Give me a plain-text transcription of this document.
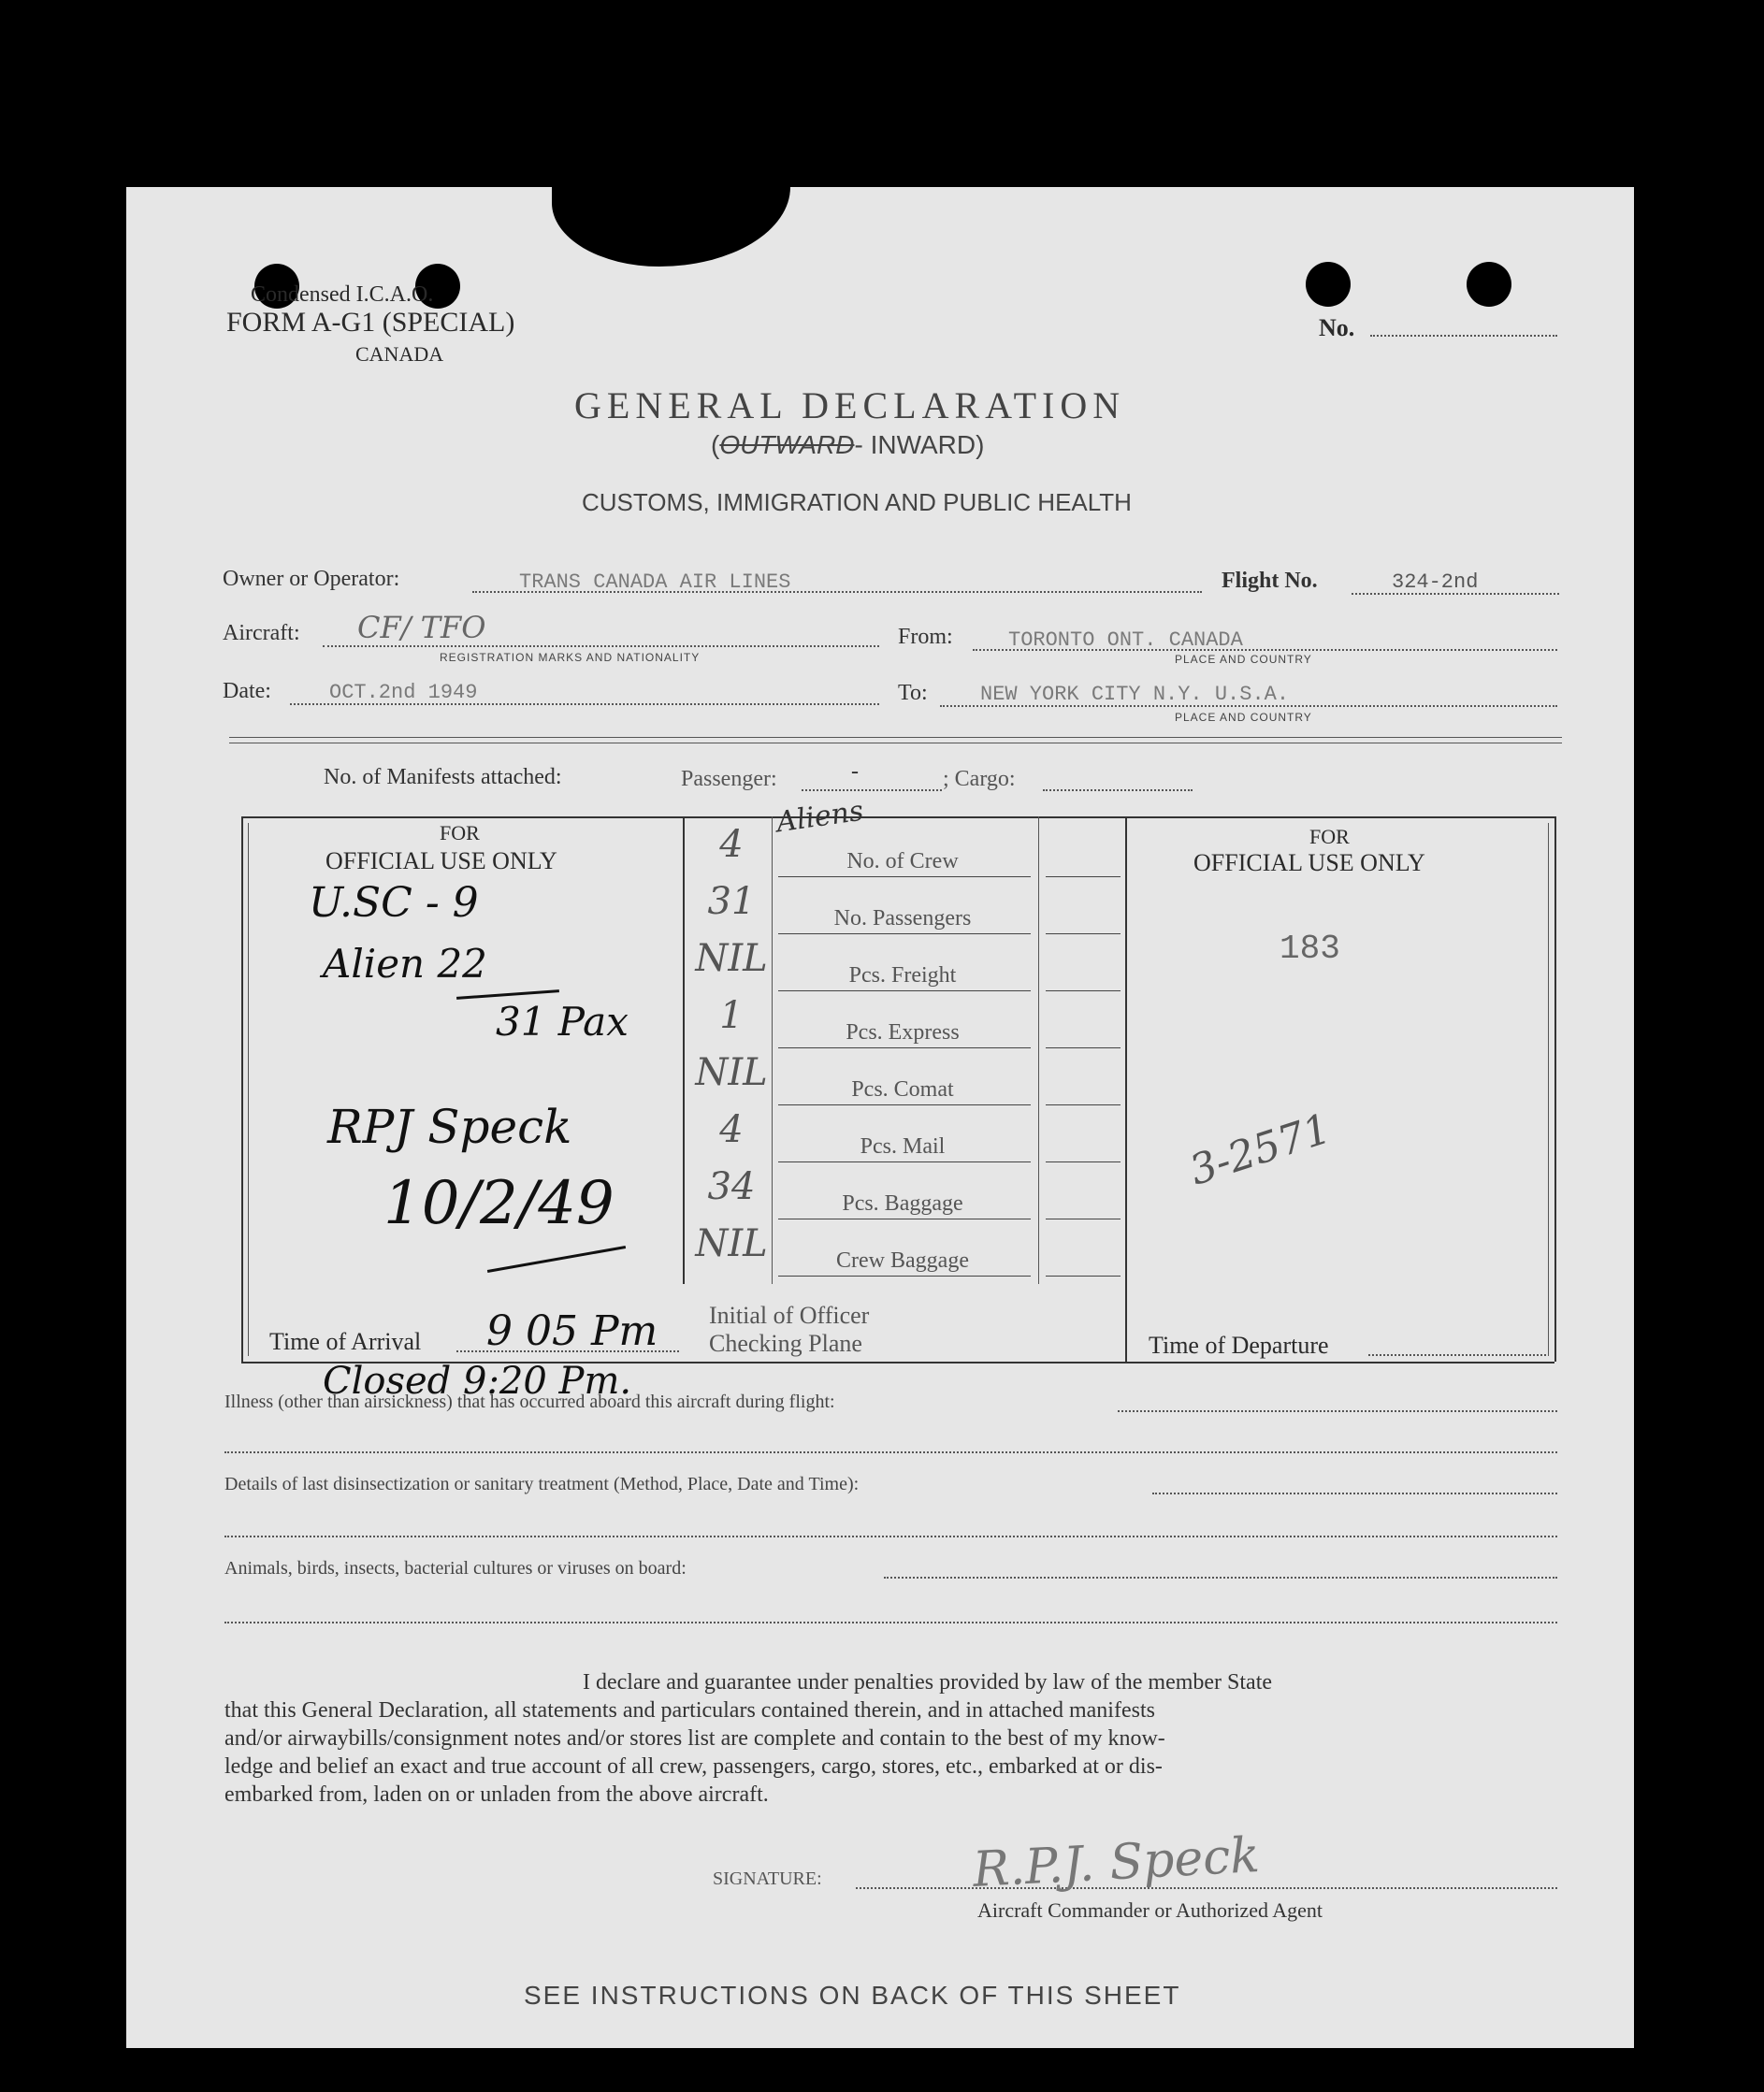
Condensed I.C.A.O.
FORM A-G1 (SPECIAL)
CANADA
No.
GENERAL DECLARATION
(OUTWARD- INWARD)
CUSTOMS, IMMIGRATION AND PUBLIC HEALTH
Owner or Operator:	TRANS CANADA AIR LINES	Flight No.	324-2nd
Aircraft: CF/ TFO
REGISTRATION MARKS AND NATIONALITY
From:	TORONTO ONT. CANADA
PLACE AND COUNTRY
Date:	OCT.2nd 1949	To:	NEW YORK CITY N.Y. U.S.A.
PLACE AND COUNTRY
No. of Manifests attached:	Passenger:	-	; Cargo:
FOR
OFFICIAL USE ONLY
U.SC - 9
Alien 22
31 Pax
RPJ Speck
10/2/49
Time of Arrival 9 05 Pm
Closed 9:20 Pm.
4	No. of Crew
31	No. Passengers
NIL	Pcs. Freight
1	Pcs. Express
NIL	Pcs. Comat
4	Pcs. Mail
34	Pcs. Baggage
NIL	Crew Baggage
Aliens
Initial of Officer
Checking Plane
FOR
OFFICIAL USE ONLY
183
3-2571
Time of Departure
Illness (other than airsickness) that has occurred aboard this aircraft during flight:
Details of last disinsectization or sanitary treatment (Method, Place, Date and Time):
Animals, birds, insects, bacterial cultures or viruses on board:
I declare and guarantee under penalties provided by law of the member State
that this General Declaration, all statements and particulars contained therein, and in attached manifests
and/or airwaybills/consignment notes and/or stores list are complete and contain to the best of my know-
ledge and belief an exact and true account of all crew, passengers, cargo, stores, etc., embarked at or dis-
embarked from, laden on or unladen from the above aircraft.
SIGNATURE:	R.P.J. Speck
Aircraft Commander or Authorized Agent
SEE INSTRUCTIONS ON BACK OF THIS SHEET
